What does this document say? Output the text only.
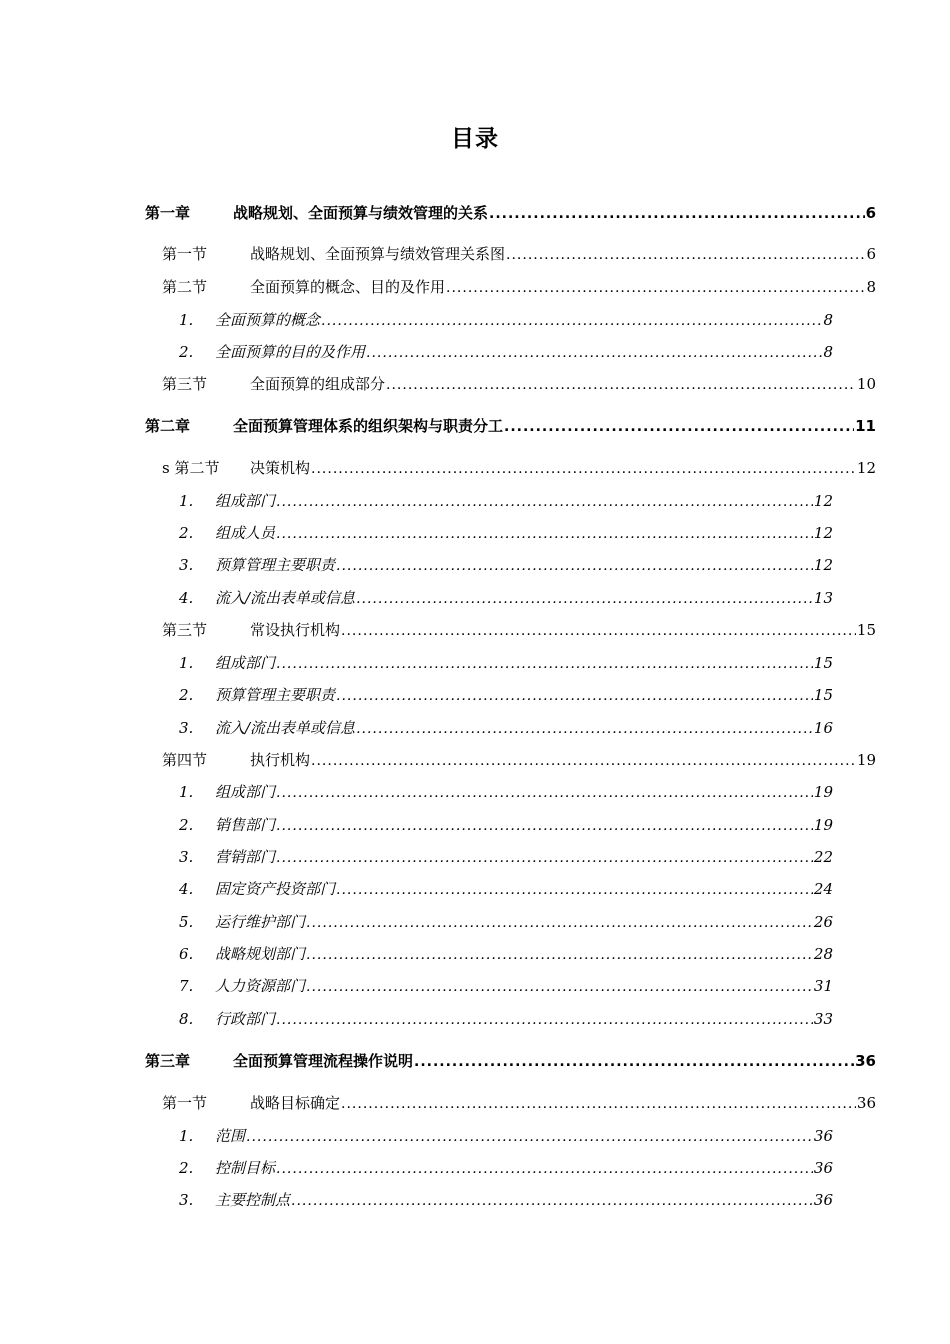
目录
第一章	战略规划、全面预算与绩效管理的关系 .....	6
第一节	战略规划、全面预算与绩效管理关系图 .....	6
第二节	全面预算的概念、目的及作用 .....	8
1.	全面预算的概念 .....	8
2.	全面预算的目的及作用 .....	8
第三节	全面预算的组成部分 .....	10
第二章	全面预算管理体系的组织架构与职责分工 .....	11
s 第二节	决策机构 .....	12
1.	组成部门 .....	12
2.	组成人员 .....	12
3.	预算管理主要职责 .....	12
4.	流入/流出表单或信息 .....	13
第三节	常设执行机构 .....	15
1.	组成部门 .....	15
2.	预算管理主要职责 .....	15
3.	流入/流出表单或信息 .....	16
第四节	执行机构 .....	19
1.	组成部门 .....	19
2.	销售部门 .....	19
3.	营销部门 .....	22
4.	固定资产投资部门 .....	24
5.	运行维护部门 .....	26
6.	战略规划部门 .....	28
7.	人力资源部门 .....	31
8.	行政部门 .....	33
第三章	全面预算管理流程操作说明 .....	36
第一节	战略目标确定 .....	36
1.	范围 .....	36
2.	控制目标 .....	36
3.	主要控制点 .....	36
